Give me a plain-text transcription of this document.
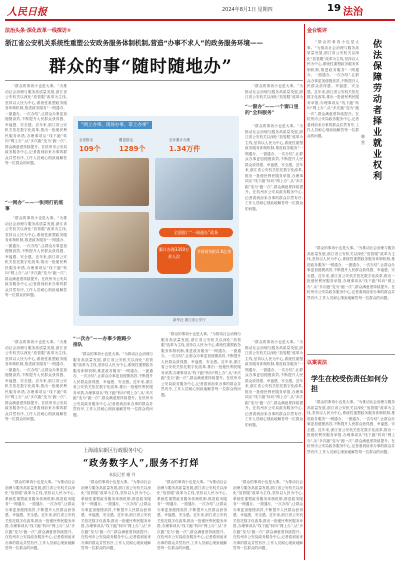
人民日报	2024年8月1日 星期四	19 法治
法治头条·深化改革一线探访①
浙江省公安机关系统性重塑公安政务服务体制机制,营造“办事不求人”的政务服务环境——
群众的事“随时随地办”

“群众的事再小也是大事。”为推动社会治理与服务高质量发展,浙江省公安机关以深化“放管服”改革为主线,坚持以人民为中心,系统性重塑政务服务体制机制,推进政务服务“一网通办、一窗通办、一次办结”,让群众办事更加便捷高效,不断提升人民群众获得感、幸福感、安全感。近年来,浙江省公安机关依托数字化改革,推出一批便民利民服务举措,办理事项从“线下跑”转向“网上办”,从“多次跑”变为“跑一次”,群众满意度持续提升。在杭州市公安局政务服务中心,记者看到前来办事的群众井然有序,工作人员耐心细致地解答每一位群众的问题。

“一网办”——一张网打的底事

“群众的事再小也是大事。”为推动社会治理与服务高质量发展,浙江省公安机关以深化“放管服”改革为主线,坚持以人民为中心,系统性重塑政务服务体制机制,推进政务服务“一网通办、一窗通办、一次办结”,让群众办事更加便捷高效,不断提升人民群众获得感、幸福感、安全感。近年来,浙江省公安机关依托数字化改革,推出一批便民利民服务举措,办理事项从“线下跑”转向“网上办”,从“多次跑”变为“跑一次”,群众满意度持续提升。在杭州市公安局政务服务中心,记者看到前来办事的群众井然有序,工作人员耐心细致地解答每一位群众的问题。

“网上办事、现场办事、掌上办事”
全省推出
109个
覆盖群众
1289个
全年累计办理
1.34万件
全面推广“一网通办”政务
累计办理3350万余人次
节省时间约1.6亿余
新华社 浙江省公安厅

“群众的事再小也是大事。”为推动社会治理与服务高质量发展,浙江省公安机关以深化“放管服”改革为

“一窗办”——一个窗口里的“全科服务”

“群众的事再小也是大事。”为推动社会治理与服务高质量发展,浙江省公安机关以深化“放管服”改革为主线,坚持以人民为中心,系统性重塑政务服务体制机制,推进政务服务“一网通办、一窗通办、一次办结”,让群众办事更加便捷高效,不断提升人民群众获得感、幸福感、安全感。近年来,浙江省公安机关依托数字化改革,推出一批便民利民服务举措,办理事项从“线下跑”转向“网上办”,从“多次跑”变为“跑一次”,群众满意度持续提升。在杭州市公安局政务服务中心,记者看到前来办事的群众井然有序,工作人员耐心细致地解答每一位群众的问题。

“群众的事再小也是大事。”为推动社会治理与服务高质量发展,浙江省公安机关以深化“放管服”改革为主线,坚持以人民为中心,系统性重塑政务服务体制机制,推进政务服务“一网通办、一窗通办、一次办结”,让群众办事更加便捷高效,不断提升人民群众获得感、幸福感、安全感。近年来,浙江省公安机关依托数字化改革,推出一批便民利民服务举措,办理事项从“线下跑”转向“网上办”,从“多次跑”变为“跑一次”,群众满意度持续提升。在杭州市公安局政务服务中心,记者看到前来办事的群众井然有序,工作人员耐心细致地解答每一位群众的问题。

“一次办”——办事少跑路少排队

“群众的事再小也是大事。”为推动社会治理与服务高质量发展,浙江省公安机关以深化“放管服”改革为主线,坚持以人民为中心,系统性重塑政务服务体制机制,推进政务服务“一网通办、一窗通办、一次办结”,让群众办事更加便捷高效,不断提升人民群众获得感、幸福感、安全感。近年来,浙江省公安机关依托数字化改革,推出一批便民利民服务举措,办理事项从“线下跑”转向“网上办”,从“多次跑”变为“跑一次”,群众满意度持续提升。在杭州市公安局政务服务中心,记者看到前来办事的群众井然有序,工作人员耐心细致地解答每一位群众的问题。

“群众的事再小也是大事。”为推动社会治理与服务高质量发展,浙江省公安机关以深化“放管服”改革为主线,坚持以人民为中心,系统性重塑政务服务体制机制,推进政务服务“一网通办、一窗通办、一次办结”,让群众办事更加便捷高效,不断提升人民群众获得感、幸福感、安全感。近年来,浙江省公安机关依托数字化改革,推出一批便民利民服务举措,办理事项从“线下跑”转向“网上办”,从“多次跑”变为“跑一次”,群众满意度持续提升。在杭州市公安局政务服务中心,记者看到前来办事的群众井然有序,工作人员耐心细致地解答每一位群众的问题。

“群众的事再小也是大事。”为推动社会治理与服务高质量发展,浙江省公安机关以深化“放管服”改革为主线,坚持以人民为中心,系统性重塑政务服务体制机制,推进政务服务“一网通办、一窗通办、一次办结”,让群众办事更加便捷高效,不断提升人民群众获得感、幸福感、安全感。近年来,浙江省公安机关依托数字化改革,推出一批便民利民服务举措,办理事项从“线下跑”转向“网上办”,从“多次跑”变为“跑一次”,群众满意度持续提升。在杭州市公安局政务服务中心,记者看到前来办事的群众井然有序,工作人员耐心细致地解答每一位群众的问题。

上海浦东新区行政服务中心
“政务数字人”,服务不打烊
本报记者 谢 丹

“群众的事再小也是大事。”为推动社会治理与服务高质量发展,浙江省公安机关以深化“放管服”改革为主线,坚持以人民为中心,系统性重塑政务服务体制机制,推进政务服务“一网通办、一窗通办、一次办结”,让群众办事更加便捷高效,不断提升人民群众获得感、幸福感、安全感。近年来,浙江省公安机关依托数字化改革,推出一批便民利民服务举措,办理事项从“线下跑”转向“网上办”,从“多次跑”变为“跑一次”,群众满意度持续提升。在杭州市公安局政务服务中心,记者看到前来办事的群众井然有序,工作人员耐心细致地解答每一位群众的问题。

“群众的事再小也是大事。”为推动社会治理与服务高质量发展,浙江省公安机关以深化“放管服”改革为主线,坚持以人民为中心,系统性重塑政务服务体制机制,推进政务服务“一网通办、一窗通办、一次办结”,让群众办事更加便捷高效,不断提升人民群众获得感、幸福感、安全感。近年来,浙江省公安机关依托数字化改革,推出一批便民利民服务举措,办理事项从“线下跑”转向“网上办”,从“多次跑”变为“跑一次”,群众满意度持续提升。在杭州市公安局政务服务中心,记者看到前来办事的群众井然有序,工作人员耐心细致地解答每一位群众的问题。

“群众的事再小也是大事。”为推动社会治理与服务高质量发展,浙江省公安机关以深化“放管服”改革为主线,坚持以人民为中心,系统性重塑政务服务体制机制,推进政务服务“一网通办、一窗通办、一次办结”,让群众办事更加便捷高效,不断提升人民群众获得感、幸福感、安全感。近年来,浙江省公安机关依托数字化改革,推出一批便民利民服务举措,办理事项从“线下跑”转向“网上办”,从“多次跑”变为“跑一次”,群众满意度持续提升。在杭州市公安局政务服务中心,记者看到前来办事的群众井然有序,工作人员耐心细致地解答每一位群众的问题。

“群众的事再小也是大事。”为推动社会治理与服务高质量发展,浙江省公安机关以深化“放管服”改革为主线,坚持以人民为中心,系统性重塑政务服务体制机制,推进政务服务“一网通办、一窗通办、一次办结”,让群众办事更加便捷高效,不断提升人民群众获得感、幸福感、安全感。近年来,浙江省公安机关依托数字化改革,推出一批便民利民服务举措,办理事项从“线下跑”转向“网上办”,从“多次跑”变为“跑一次”,群众满意度持续提升。在杭州市公安局政务服务中心,记者看到前来办事的群众井然有序,工作人员耐心细致地解答每一位群众的问题。

金台锐评
依法保障劳动者择业就业权利
韩 营

“群众的事再小也是大事。”为推动社会治理与服务高质量发展,浙江省公安机关以深化“放管服”改革为主线,坚持以人民为中心,系统性重塑政务服务体制机制,推进政务服务“一网通办、一窗通办、一次办结”,让群众办事更加便捷高效,不断提升人民群众获得感、幸福感、安全感。近年来,浙江省公安机关依托数字化改革,推出一批便民利民服务举措,办理事项从“线下跑”转向“网上办”,从“多次跑”变为“跑一次”,群众满意度持续提升。在杭州市公安局政务服务中心,记者看到前来办事的群众井然有序,工作人员耐心细致地解答每一位群众的问题。

“群众的事再小也是大事。”为推动社会治理与服务高质量发展,浙江省公安机关以深化“放管服”改革为主线,坚持以人民为中心,系统性重塑政务服务体制机制,推进政务服务“一网通办、一窗通办、一次办结”,让群众办事更加便捷高效,不断提升人民群众获得感、幸福感、安全感。近年来,浙江省公安机关依托数字化改革,推出一批便民利民服务举措,办理事项从“线下跑”转向“网上办”,从“多次跑”变为“跑一次”,群众满意度持续提升。在杭州市公安局政务服务中心,记者看到前来办事的群众井然有序,工作人员耐心细致地解答每一位群众的问题。

以案说法
学生在校受伤责任如何分担

“群众的事再小也是大事。”为推动社会治理与服务高质量发展,浙江省公安机关以深化“放管服”改革为主线,坚持以人民为中心,系统性重塑政务服务体制机制,推进政务服务“一网通办、一窗通办、一次办结”,让群众办事更加便捷高效,不断提升人民群众获得感、幸福感、安全感。近年来,浙江省公安机关依托数字化改革,推出一批便民利民服务举措,办理事项从“线下跑”转向“网上办”,从“多次跑”变为“跑一次”,群众满意度持续提升。在杭州市公安局政务服务中心,记者看到前来办事的群众井然有序,工作人员耐心细致地解答每一位群众的问题。
